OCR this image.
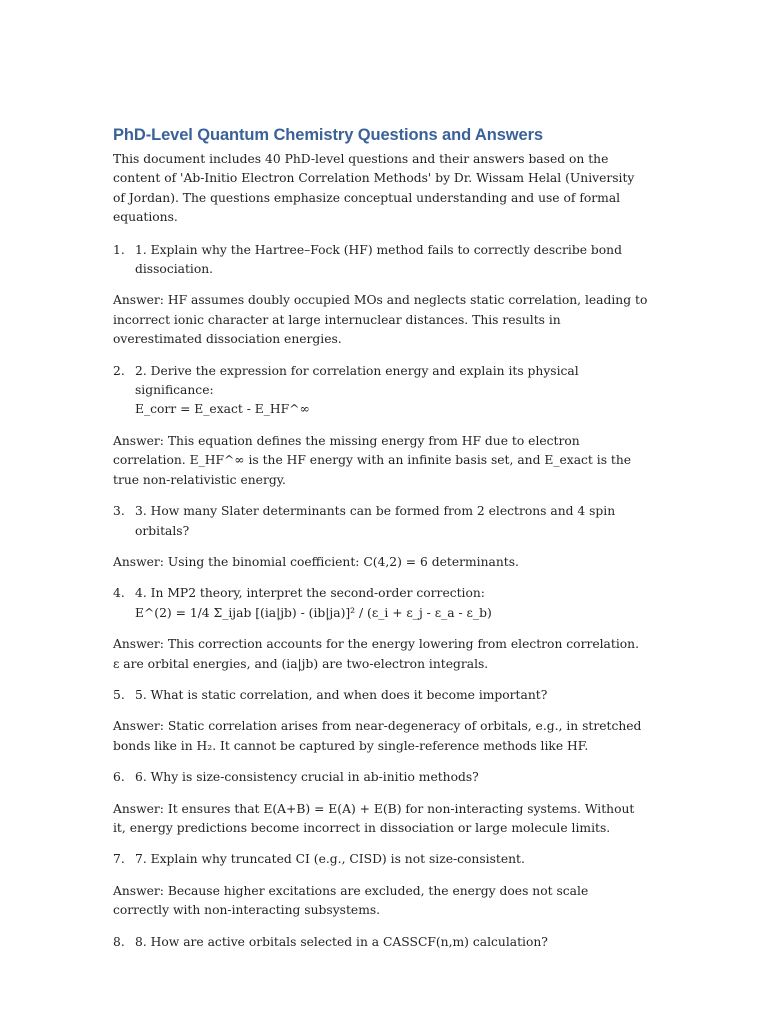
PhD-Level Quantum Chemistry Questions and Answers

This document includes 40 PhD-level questions and their answers based on the content of 'Ab-Initio Electron Correlation Methods' by Dr. Wissam Helal (University of Jordan). The questions emphasize conceptual understanding and use of formal equations.

1. 1. Explain why the Hartree–Fock (HF) method fails to correctly describe bond dissociation.

Answer: HF assumes doubly occupied MOs and neglects static correlation, leading to incorrect ionic character at large internuclear distances. This results in overestimated dissociation energies.

2. 2. Derive the expression for correlation energy and explain its physical significance:
E_corr = E_exact - E_HF^∞

Answer: This equation defines the missing energy from HF due to electron correlation. E_HF^∞ is the HF energy with an infinite basis set, and E_exact is the true non-relativistic energy.

3. 3. How many Slater determinants can be formed from 2 electrons and 4 spin orbitals?

Answer: Using the binomial coefficient: C(4,2) = 6 determinants.

4. 4. In MP2 theory, interpret the second-order correction:
E^(2) = 1/4 Σ_ijab [(ia|jb) - (ib|ja)]² / (ε_i + ε_j - ε_a - ε_b)

Answer: This correction accounts for the energy lowering from electron correlation. ε are orbital energies, and (ia|jb) are two-electron integrals.

5. 5. What is static correlation, and when does it become important?

Answer: Static correlation arises from near-degeneracy of orbitals, e.g., in stretched bonds like in H₂. It cannot be captured by single-reference methods like HF.

6. 6. Why is size-consistency crucial in ab-initio methods?

Answer: It ensures that E(A+B) = E(A) + E(B) for non-interacting systems. Without it, energy predictions become incorrect in dissociation or large molecule limits.

7. 7. Explain why truncated CI (e.g., CISD) is not size-consistent.

Answer: Because higher excitations are excluded, the energy does not scale correctly with non-interacting subsystems.

8. 8. How are active orbitals selected in a CASSCF(n,m) calculation?
